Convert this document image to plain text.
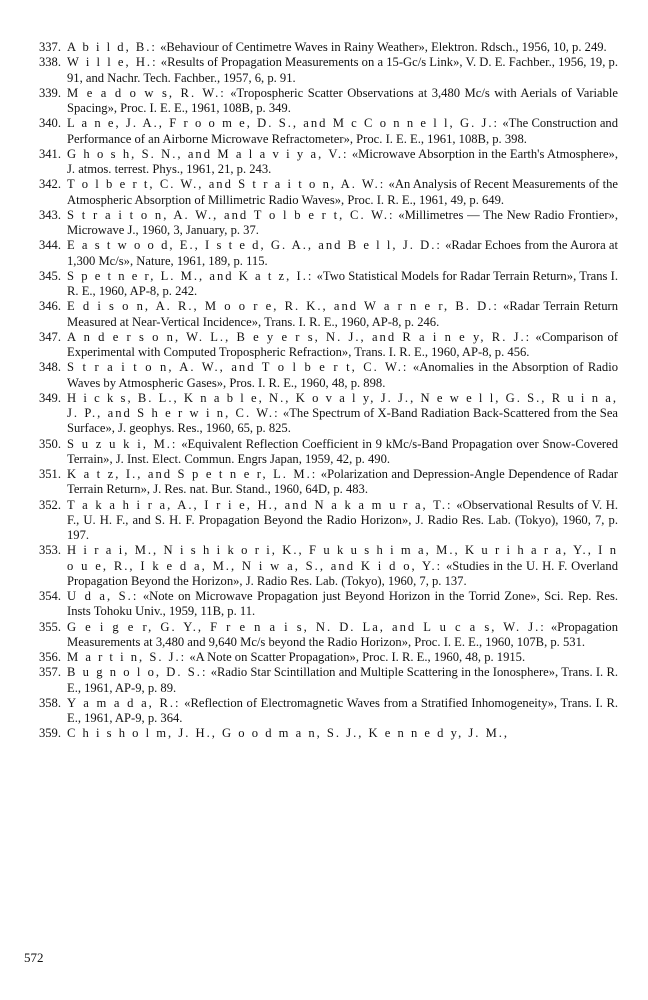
337. A b i l d, B.: «Behaviour of Centimetre Waves in Rainy Weather», Elektron. Rdsch., 1956, 10, p. 249.
338. W i l l e, H.: «Results of Propagation Measurements on a 15-Gc/s Link», V. D. E. Fachber., 1956, 19, p. 91, and Nachr. Tech. Fachber., 1957, 6, p. 91.
339. M e a d o w s, R. W.: «Tropospheric Scatter Observations at 3,480 Mc/s with Aerials of Variable Spacing», Proc. I. E. E., 1961, 108B, p. 349.
340. L a n e, J. A., F r o o m e, D. S., and M c C o n n e l l, G. J.: «The Construction and Performance of an Airborne Microwave Refractometer», Proc. I. E. E., 1961, 108B, p. 398.
341. G h o s h, S. N., and M a l a v i y a, V.: «Microwave Absorption in the Earth's Atmosphere», J. atmos. terrest. Phys., 1961, 21, p. 243.
342. T o l b e r t, C. W., and S t r a i t o n, A. W.: «An Analysis of Recent Measurements of the Atmospheric Absorption of Millimetric Radio Waves», Proc. I. R. E., 1961, 49, p. 649.
343. S t r a i t o n, A. W., and T o l b e r t, C. W.: «Millimetres — The New Radio Frontier», Microwave J., 1960, 3, January, p. 37.
344. E a s t w o o d, E., I s t e d, G. A., and B e l l, J. D.: «Radar Echoes from the Aurora at 1,300 Mc/s», Nature, 1961, 189, p. 115.
345. S p e t n e r, L. M., and K a t z, I.: «Two Statistical Models for Radar Terrain Return», Trans I. R. E., 1960, AP-8, p. 242.
346. E d i s o n, A. R., M o o r e, R. K., and W a r n e r, B. D.: «Radar Terrain Return Measured at Near-Vertical Incidence», Trans. I. R. E., 1960, AP-8, p. 246.
347. A n d e r s o n, W. L., B e y e r s, N. J., and R a i n e y, R. J.: «Comparison of Experimental with Computed Tropospheric Refraction», Trans. I. R. E., 1960, AP-8, p. 456.
348. S t r a i t o n, A. W., and T o l b e r t, C. W.: «Anomalies in the Absorption of Radio Waves by Atmospheric Gases», Pros. I. R. E., 1960, 48, p. 898.
349. H i c k s, B. L., K n a b l e, N., K o v a l y, J. J., N e w e l l, G. S., R u i n a, J. P., and S h e r w i n, C. W.: «The Spectrum of X-Band Radiation Back-Scattered from the Sea Surface», J. geophys. Res., 1960, 65, p. 825.
350. S u z u k i, M.: «Equivalent Reflection Coefficient in 9 kMc/s-Band Propagation over Snow-Covered Terrain», J. Inst. Elect. Commun. Engrs Japan, 1959, 42, p. 490.
351. K a t z, I., and S p e t n e r, L. M.: «Polarization and Depression-Angle Dependence of Radar Terrain Return», J. Res. nat. Bur. Stand., 1960, 64D, p. 483.
352. T a k a h i r a, A., I r i e, H., and N a k a m u r a, T.: «Observational Results of V. H. F., U. H. F., and S. H. F. Propagation Beyond the Radio Horizon», J. Radio Res. Lab. (Tokyo), 1960, 7, p. 197.
353. H i r a i, M., N i s h i k o r i, K., F u k u s h i m a, M., K u r i h a r a, Y., I n o u e, R., I k e d a, M., N i w a, S., and K i d o, Y.: «Studies in the U. H. F. Overland Propagation Beyond the Horizon», J. Radio Res. Lab. (Tokyo), 1960, 7, p. 137.
354. U d a, S.: «Note on Microwave Propagation just Beyond Horizon in the Torrid Zone», Sci. Rep. Res. Insts Tohoku Univ., 1959, 11B, p. 11.
355. G e i g e r, G. Y., F r e n a i s, N. D. La, and L u c a s, W. J.: «Propagation Measurements at 3,480 and 9,640 Mc/s beyond the Radio Horizon», Proc. I. E. E., 1960, 107B, p. 531.
356. M a r t i n, S. J.: «A Note on Scatter Propagation», Proc. I. R. E., 1960, 48, p. 1915.
357. B u g n o l o, D. S.: «Radio Star Scintillation and Multiple Scattering in the Ionosphere», Trans. I. R. E., 1961, AP-9, p. 89.
358. Y a m a d a, R.: «Reflection of Electromagnetic Waves from a Stratified Inhomogeneity», Trans. I. R. E., 1961, AP-9, p. 364.
359. C h i s h o l m, J. H., G o o d m a n, S. J., K e n n e d y, J. M.,
572
